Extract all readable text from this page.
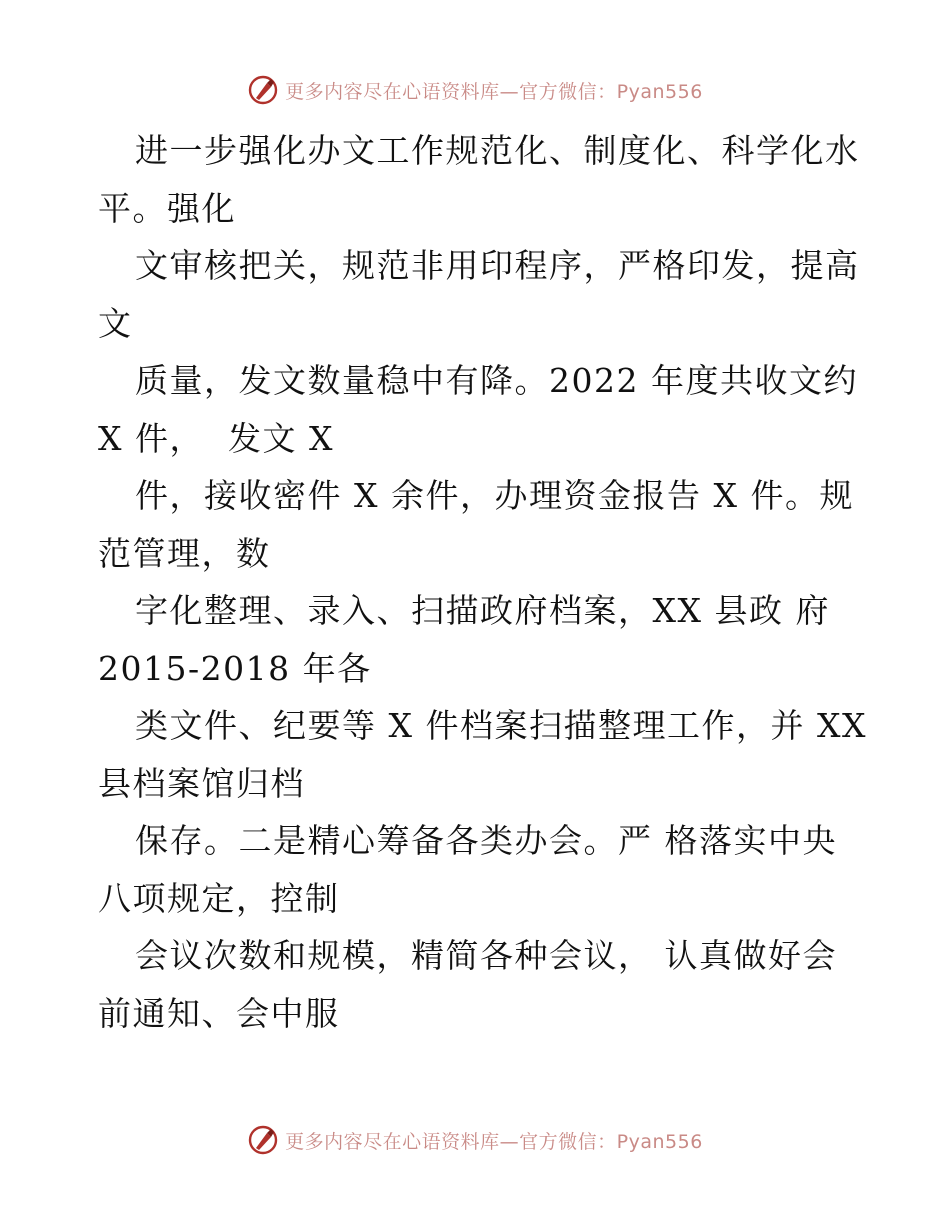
更多内容尽在心语资料库—官方微信：Pyan556
进一步强化办文工作规范化、制度化、科学化水
平。强化
文审核把关，规范非用印程序，严格印发，提高
文
质量，发文数量稳中有降。2022 年度共收文约
X 件，  发文 X
件，接收密件 X 余件，办理资金报告 X 件。规
范管理，数
字化整理、录入、扫描政府档案，XX 县政 府
2015-2018 年各
类文件、纪要等 X 件档案扫描整理工作，并 XX
县档案馆归档
保存。二是精心筹备各类办会。严 格落实中央
八项规定，控制
会议次数和规模，精简各种会议， 认真做好会
前通知、会中服
更多内容尽在心语资料库—官方微信：Pyan556
